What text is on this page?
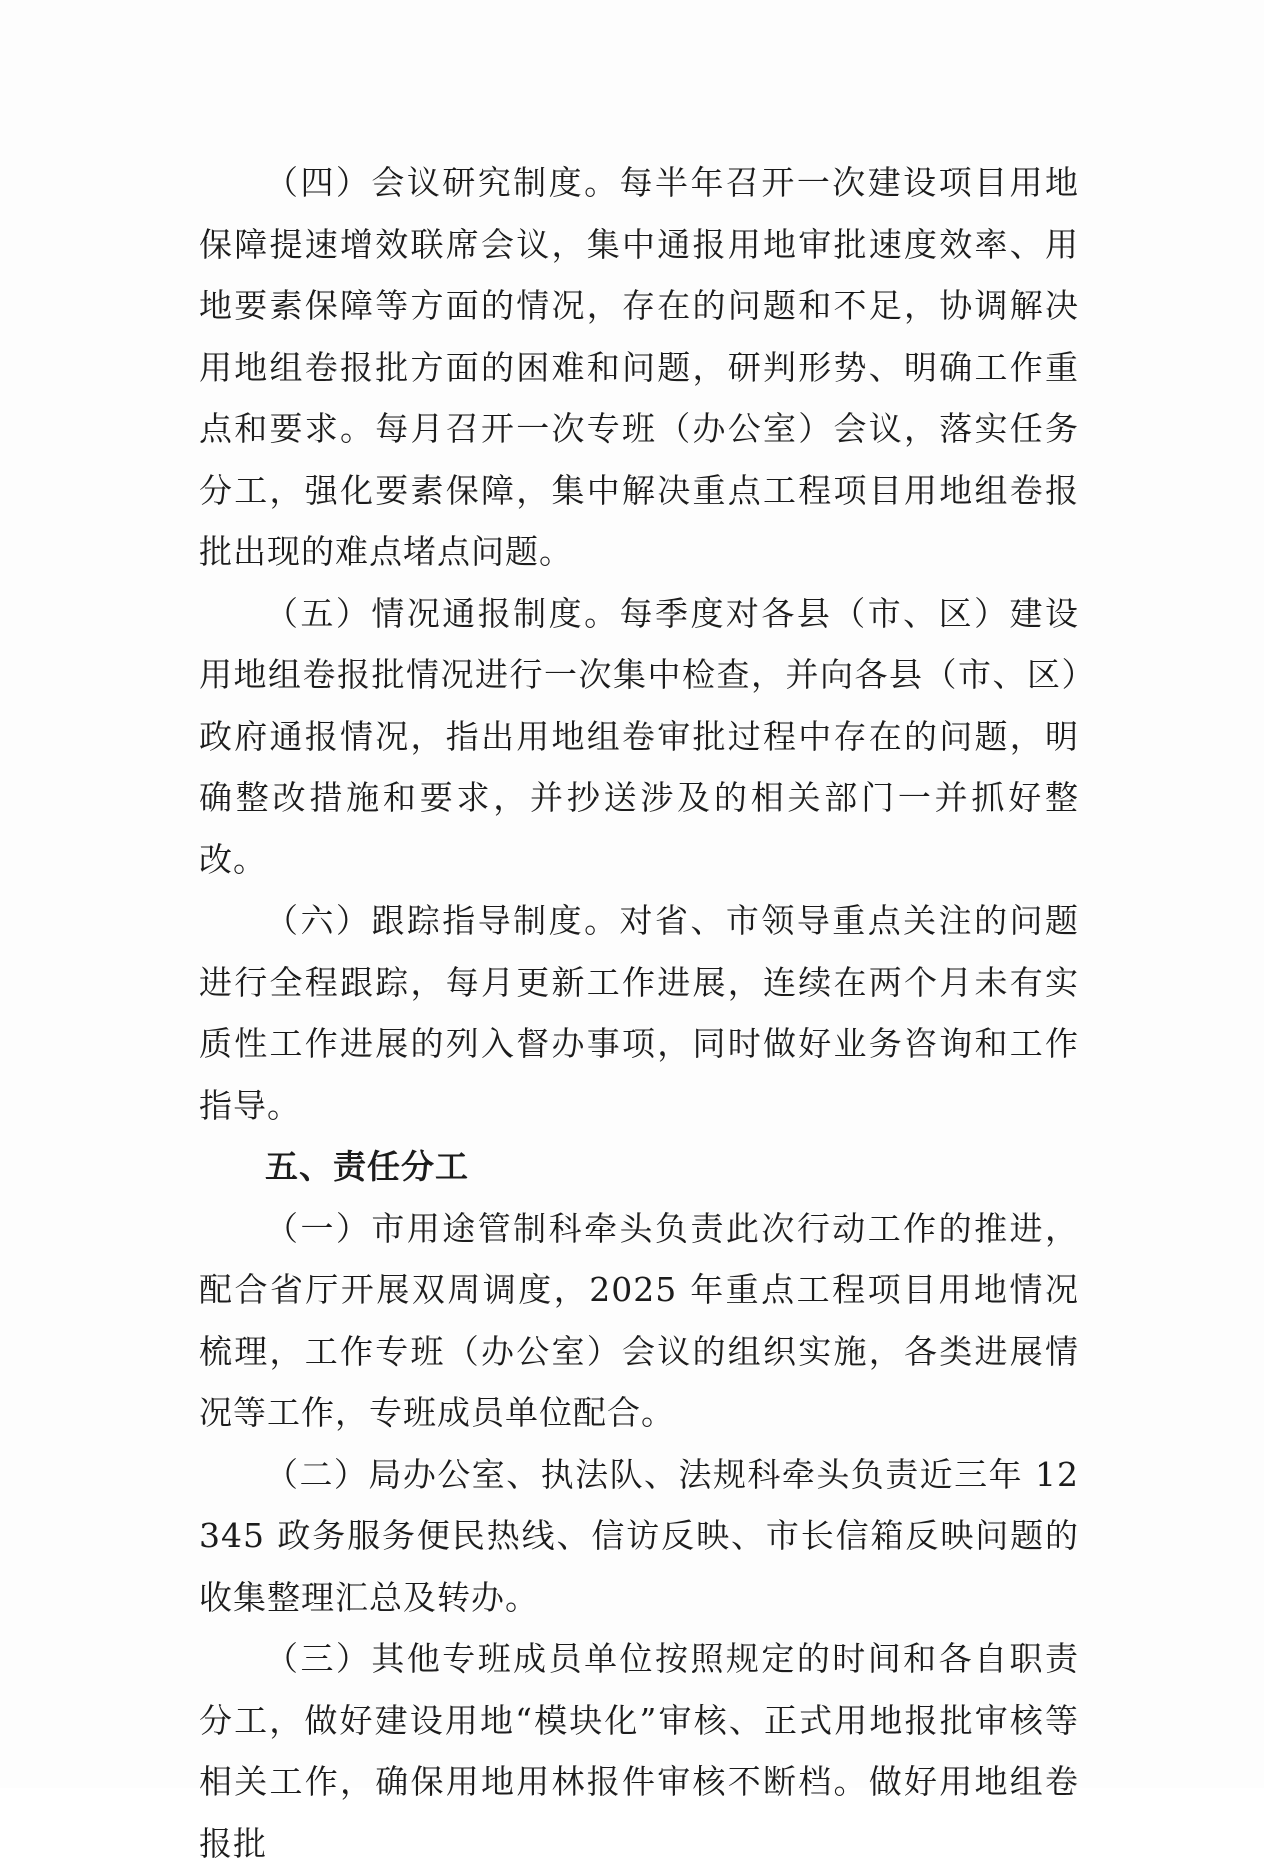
（四）会议研究制度。每半年召开一次建设项目用地保障提速增效联席会议，集中通报用地审批速度效率、用地要素保障等方面的情况，存在的问题和不足，协调解决用地组卷报批方面的困难和问题，研判形势、明确工作重点和要求。每月召开一次专班（办公室）会议，落实任务分工，强化要素保障，集中解决重点工程项目用地组卷报批出现的难点堵点问题。

（五）情况通报制度。每季度对各县（市、区）建设用地组卷报批情况进行一次集中检查，并向各县（市、区）政府通报情况，指出用地组卷审批过程中存在的问题，明确整改措施和要求，并抄送涉及的相关部门一并抓好整改。

（六）跟踪指导制度。对省、市领导重点关注的问题进行全程跟踪，每月更新工作进展，连续在两个月未有实质性工作进展的列入督办事项，同时做好业务咨询和工作指导。

五、责任分工

（一）市用途管制科牵头负责此次行动工作的推进，配合省厅开展双周调度，2025 年重点工程项目用地情况梳理，工作专班（办公室）会议的组织实施，各类进展情况等工作，专班成员单位配合。

（二）局办公室、执法队、法规科牵头负责近三年 12345 政务服务便民热线、信访反映、市长信箱反映问题的收集整理汇总及转办。

（三）其他专班成员单位按照规定的时间和各自职责分工，做好建设用地“模块化”审核、正式用地报批审核等相关工作，确保用地用林报件审核不断档。做好用地组卷报批
